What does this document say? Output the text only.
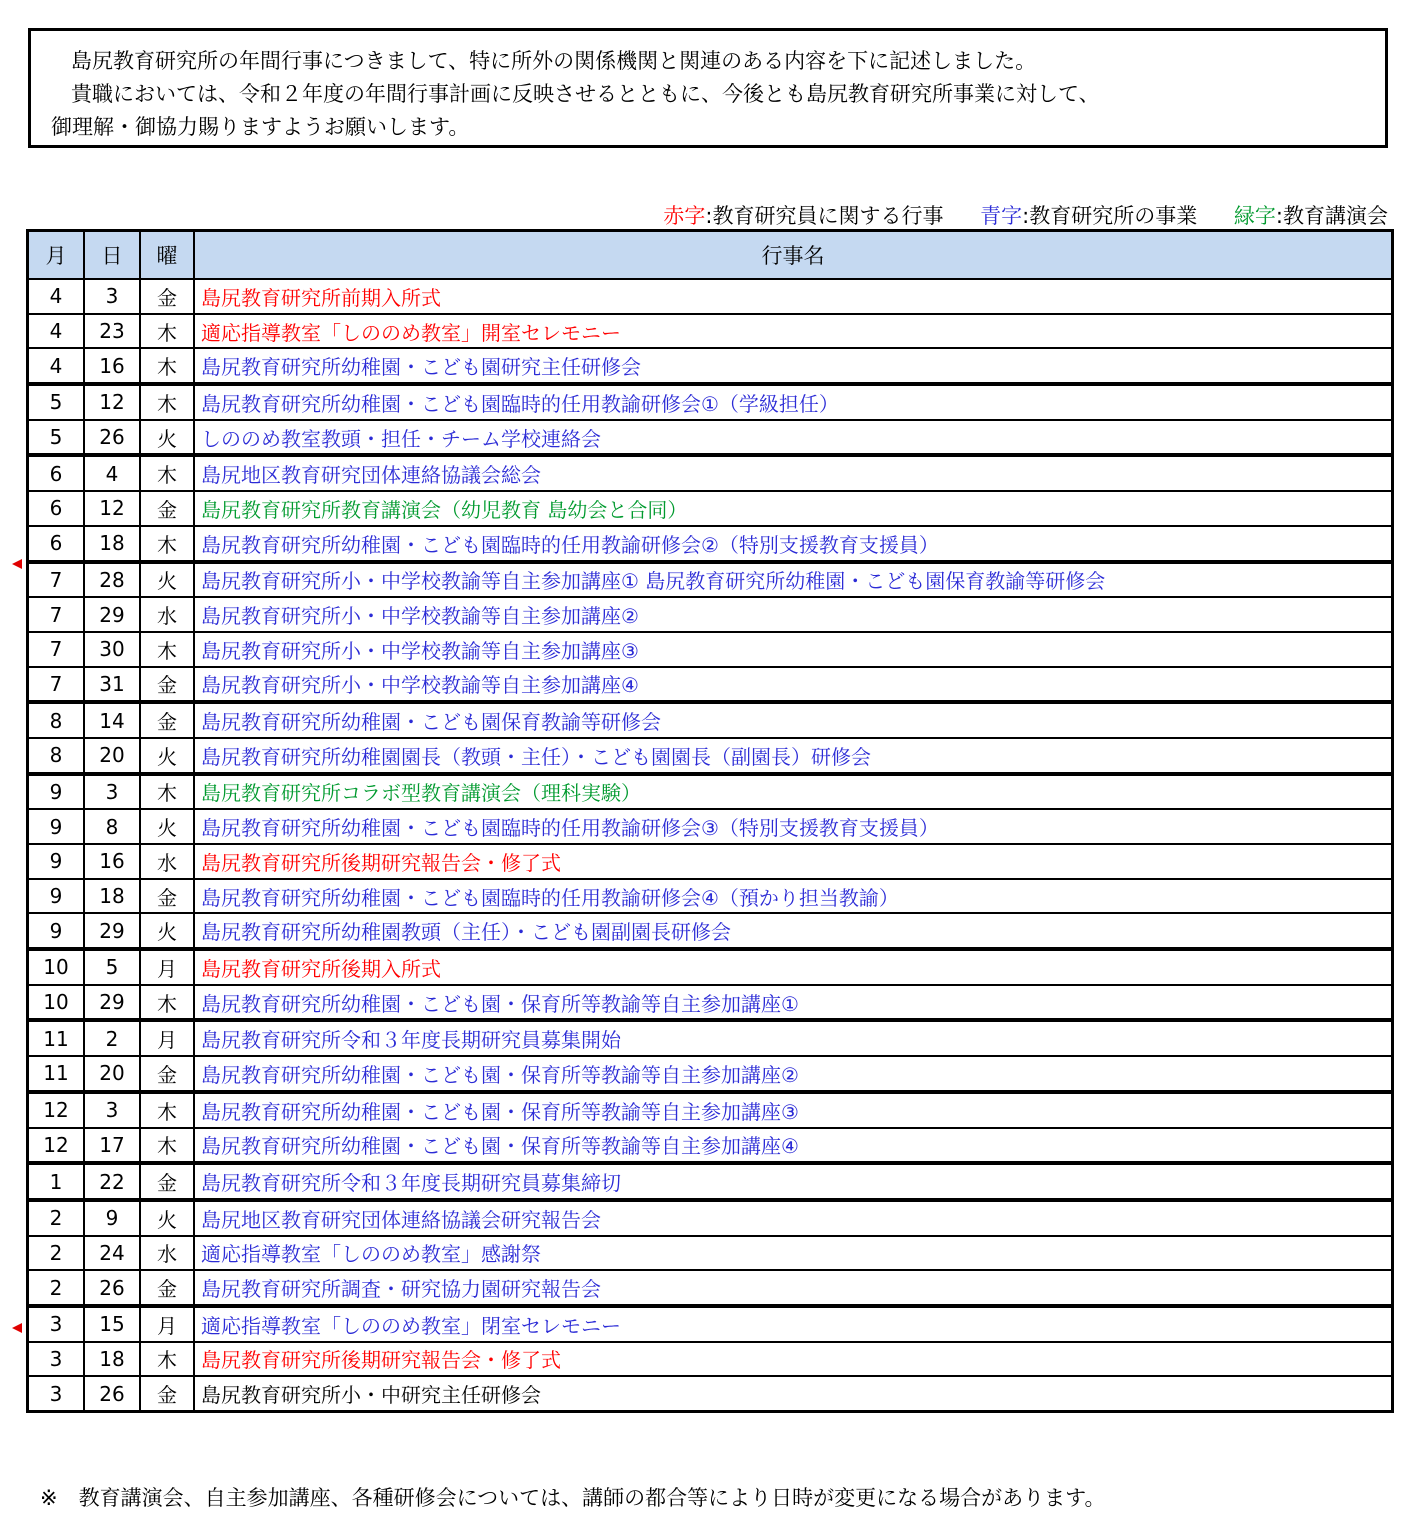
島尻教育研究所の年間行事につきまして、特に所外の関係機関と関連のある内容を下に記述しました。

貴職においては、令和２年度の年間行事計画に反映させるとともに、今後とも島尻教育研究所事業に対して、

御理解・御協力賜りますようお願いします。

赤字:教育研究員に関する行事 青字:教育研究所の事業 緑字:教育講演会
月	日	曜	行事名
4	3	金	島尻教育研究所前期入所式
4	23	木	適応指導教室「しののめ教室」開室セレモニー
4	16	木	島尻教育研究所幼稚園・こども園研究主任研修会
5	12	木	島尻教育研究所幼稚園・こども園臨時的任用教諭研修会①（学級担任）
5	26	火	しののめ教室教頭・担任・チーム学校連絡会
6	4	木	島尻地区教育研究団体連絡協議会総会
6	12	金	島尻教育研究所教育講演会（幼児教育 島幼会と合同）
6	18	木	島尻教育研究所幼稚園・こども園臨時的任用教諭研修会②（特別支援教育支援員）
7	28	火	島尻教育研究所小・中学校教諭等自主参加講座① 島尻教育研究所幼稚園・こども園保育教諭等研修会
7	29	水	島尻教育研究所小・中学校教諭等自主参加講座②
7	30	木	島尻教育研究所小・中学校教諭等自主参加講座③
7	31	金	島尻教育研究所小・中学校教諭等自主参加講座④
8	14	金	島尻教育研究所幼稚園・こども園保育教諭等研修会
8	20	火	島尻教育研究所幼稚園園長（教頭・主任）・こども園園長（副園長）研修会
9	3	木	島尻教育研究所コラボ型教育講演会（理科実験）
9	8	火	島尻教育研究所幼稚園・こども園臨時的任用教諭研修会③（特別支援教育支援員）
9	16	水	島尻教育研究所後期研究報告会・修了式
9	18	金	島尻教育研究所幼稚園・こども園臨時的任用教諭研修会④（預かり担当教諭）
9	29	火	島尻教育研究所幼稚園教頭（主任）・こども園副園長研修会
10	5	月	島尻教育研究所後期入所式
10	29	木	島尻教育研究所幼稚園・こども園・保育所等教諭等自主参加講座①
11	2	月	島尻教育研究所令和３年度長期研究員募集開始
11	20	金	島尻教育研究所幼稚園・こども園・保育所等教諭等自主参加講座②
12	3	木	島尻教育研究所幼稚園・こども園・保育所等教諭等自主参加講座③
12	17	木	島尻教育研究所幼稚園・こども園・保育所等教諭等自主参加講座④
1	22	金	島尻教育研究所令和３年度長期研究員募集締切
2	9	火	島尻地区教育研究団体連絡協議会研究報告会
2	24	水	適応指導教室「しののめ教室」感謝祭
2	26	金	島尻教育研究所調査・研究協力園研究報告会
3	15	月	適応指導教室「しののめ教室」閉室セレモニー
3	18	木	島尻教育研究所後期研究報告会・修了式
3	26	金	島尻教育研究所小・中研究主任研修会
※　教育講演会、自主参加講座、各種研修会については、講師の都合等により日時が変更になる場合があります。
